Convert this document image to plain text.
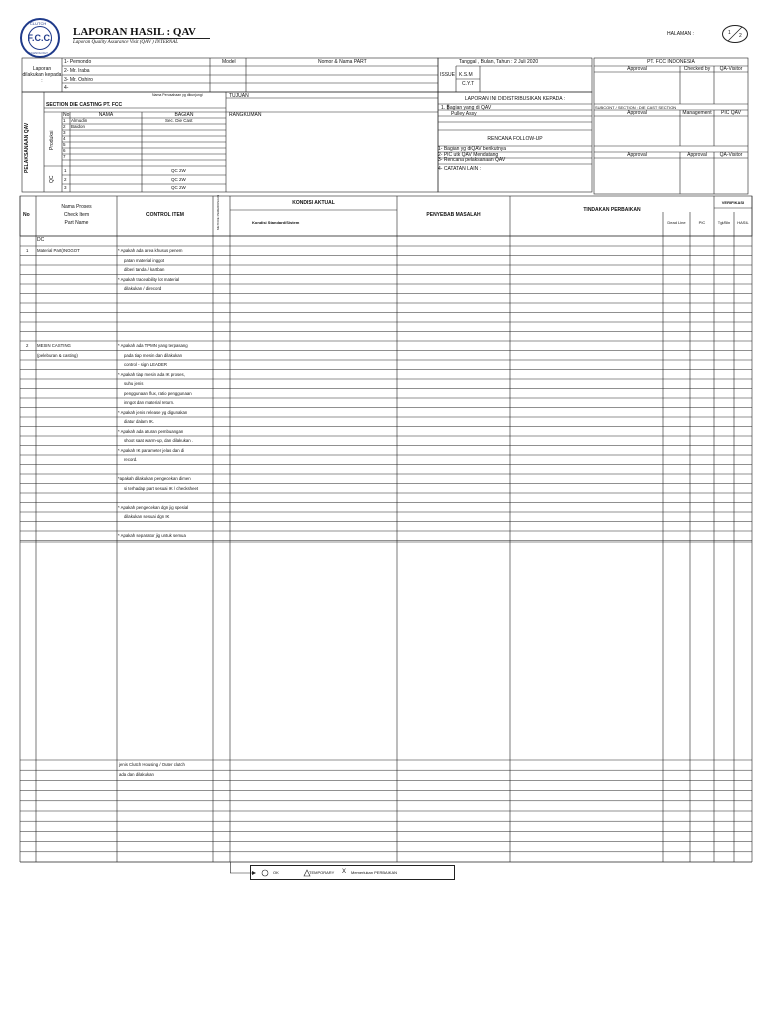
F.C.C.
CLUTCH
TECHNOLOGY
LAPORAN HASIL : QAV
Laporan Quality Assurance Visit (QAV ) INTERNAL
HALAMAN :	1 2
Laporan dilakukan kepada :
1- Pemondo
2- Mr. Iraba
3- Mr. Oshiro
4-
Model	Nomor & Nama PART
ISSUE K.S.M
C.Y.T
Tanggal , Bulan, Tahun : 2 Juli 2020	PT. FCC INDONESIA
Approval	Checked by	QA-Visitor
Nama Perusahaan yg dikunjungi	TUJUAN
SECTION DIE CASTING PT. FCC
PELAKSANAAN QAV	Produksi
QC
No	NAMA	BAGIAN
1 Almudin	Sec. Die Cast
2 Baidon
3
4
5
6
7
1	QC 2W
2	QC 2W
3	QC 2W
RANGKUMAN
LAPORAN INI DIDISTRIBUSIKAN KEPADA :
1. Bagian yang di QAV
Pulley Assy
RENCANA FOLLOW-UP
1- Bagian yg diQAV berikutnya
2- PIC utk QAV Mendatang
3- Rencana pelaksanaan QAV
4- CATATAN LAIN :
SUBCONT / SECTION : DIE CAST SECTION
Approval	Management	PIC QAV
Approval	Approval	QA-Visitor
No
Nama Proses
Check Item
Part Name
CONTROL ITEM	METODE PEMERIKSAAN	KONDISI AKTUAL
Kondisi Standard/Sistem
PENYEBAB MASALAH
TINDAKAN PERBAIKAN
Dead Line	PIC
VERIFIKASI
Tgl/Bln	HASIL
DC
1 Material Part(INGGOT	* Apakah ada area khusus penem
patan material inggot
diberi tanda / kartban
* Apakah traceability lot material
dilakukan / direcord
2 MESIN CASTING	* Apakah ada TPMN yang terpasang
(peleburan & casting)	pada tiap mesin dan dilakukan
control - sign LEADER
* Apakah tiap mesin ada IK proses,
suhu jenis
penggunaan flux, ratio penggunaan
inngot dan material return.
* Apakah jenis release yg digunakan
diatur dalam IK.
* Apakah ada aturan pembuangan
shoot saat warm-up, dan dilakukan .
* Apakah IK parameter jelas dan di
record.
*apakah dilakukan pengecekan dimen
si terhadap part sesuai IK / checksheet
* Apakah pengecekan dgn jig spesial
dilakukan sesuai dgn IK
* Apakah separator jig untuk semua
jenis Clutch Housing / Outer clutch
ada dan dilakukan
OK	TEMPORARY X Memerlukan PERBAIKAN
